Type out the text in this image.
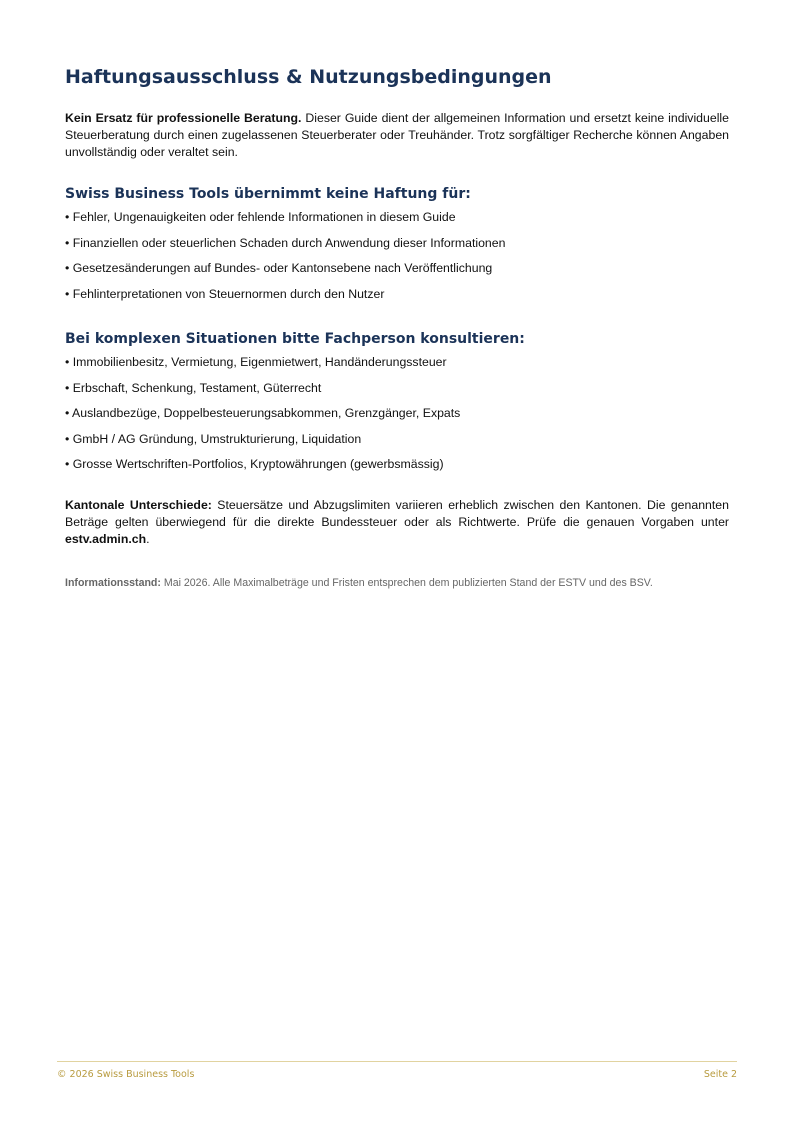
Haftungsausschluss & Nutzungsbedingungen

Kein Ersatz für professionelle Beratung. Dieser Guide dient der allgemeinen Information und ersetzt keine individuelle Steuerberatung durch einen zugelassenen Steuerberater oder Treuhänder. Trotz sorgfältiger Recherche können Angaben unvollständig oder veraltet sein.

Swiss Business Tools übernimmt keine Haftung für:
• Fehler, Ungenauigkeiten oder fehlende Informationen in diesem Guide
• Finanziellen oder steuerlichen Schaden durch Anwendung dieser Informationen
• Gesetzesänderungen auf Bundes- oder Kantonsebene nach Veröffentlichung
• Fehlinterpretationen von Steuernormen durch den Nutzer
Bei komplexen Situationen bitte Fachperson konsultieren:
• Immobilienbesitz, Vermietung, Eigenmietwert, Handänderungssteuer
• Erbschaft, Schenkung, Testament, Güterrecht
• Auslandbezüge, Doppelbesteuerungsabkommen, Grenzgänger, Expats
• GmbH / AG Gründung, Umstrukturierung, Liquidation
• Grosse Wertschriften-Portfolios, Kryptowährungen (gewerbsmässig)

Kantonale Unterschiede: Steuersätze und Abzugslimiten variieren erheblich zwischen den Kantonen. Die genannten Beträge gelten überwiegend für die direkte Bundessteuer oder als Richtwerte. Prüfe die genauen Vorgaben unter estv.admin.ch.

Informationsstand: Mai 2026. Alle Maximalbeträge und Fristen entsprechen dem publizierten Stand der ESTV und des BSV.

© 2026 Swiss Business Tools	Seite 2
